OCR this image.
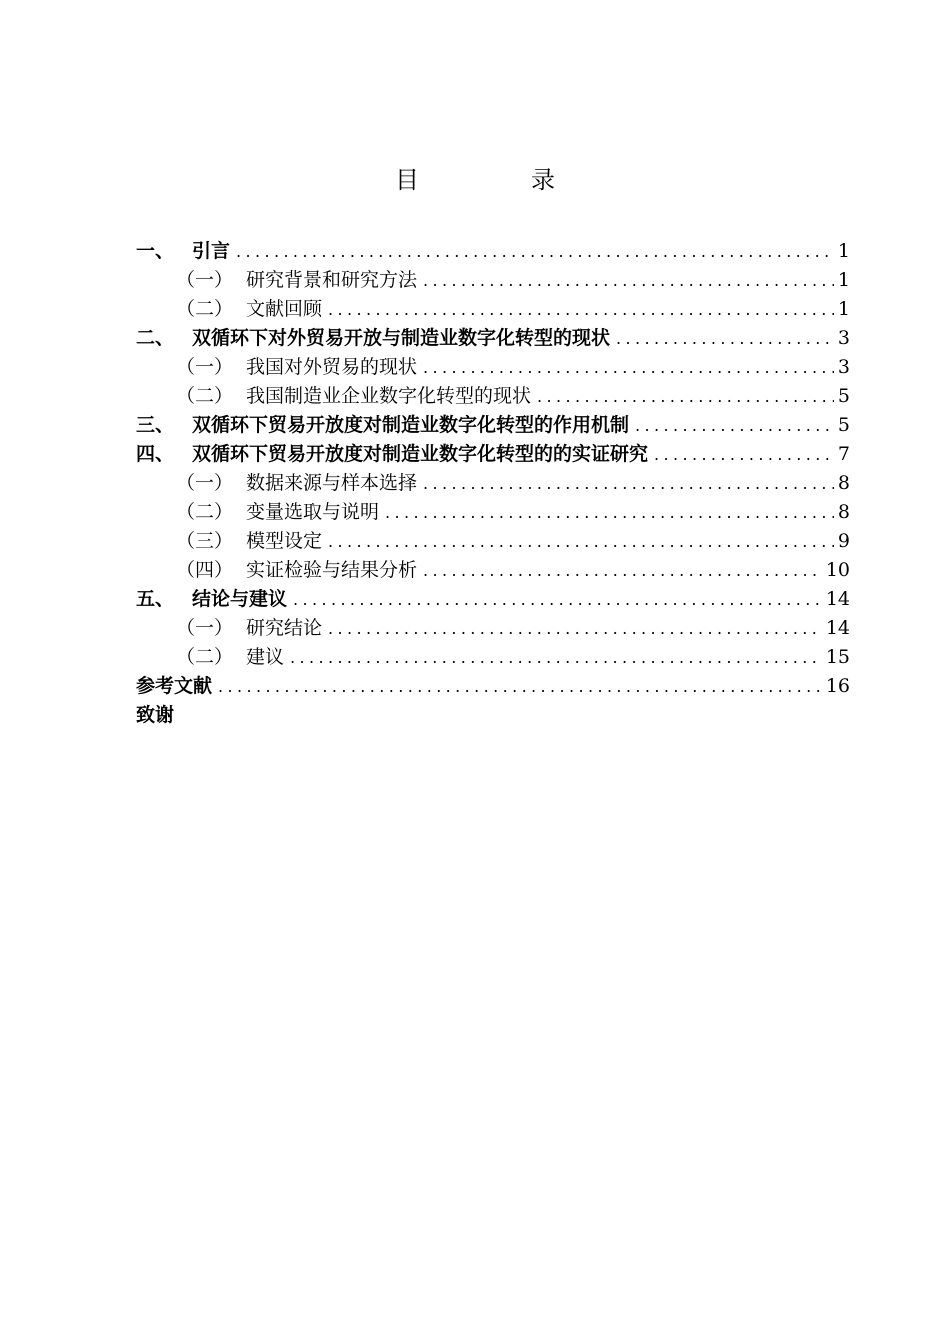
目　录
一、 引言 .....	1
（一） 研究背景和研究方法 .....	1
（二） 文献回顾 .....	1
二、 双循环下对外贸易开放与制造业数字化转型的现状 .....	3
（一） 我国对外贸易的现状 .....	3
（二） 我国制造业企业数字化转型的现状 .....	5
三、 双循环下贸易开放度对制造业数字化转型的作用机制 .....	5
四、 双循环下贸易开放度对制造业数字化转型的的实证研究 .....	7
（一） 数据来源与样本选择 .....	8
（二） 变量选取与说明 .....	8
（三） 模型设定 .....	9
（四） 实证检验与结果分析 .....	10
五、 结论与建议 .....	14
（一） 研究结论 .....	14
（二） 建议 .....	15
参考文献 .....	16
致谢
